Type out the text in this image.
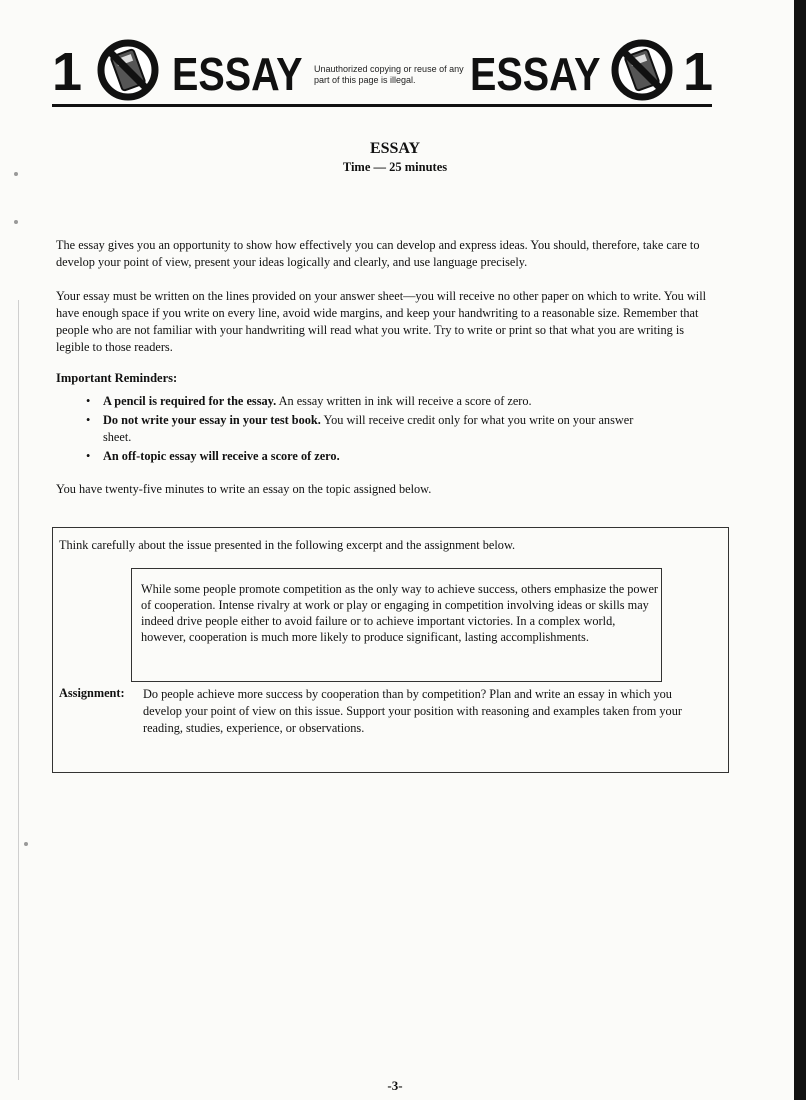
1 ESSAY Unauthorized copying or reuse of any part of this page is illegal.	ESSAY 1
ESSAY
Time — 25 minutes

The essay gives you an opportunity to show how effectively you can develop and express ideas. You should, therefore, take care to develop your point of view, present your ideas logically and clearly, and use language precisely.

Your essay must be written on the lines provided on your answer sheet—you will receive no other paper on which to write. You will have enough space if you write on every line, avoid wide margins, and keep your handwriting to a reasonable size. Remember that people who are not familiar with your handwriting will read what you write. Try to write or print so that what you are writing is legible to those readers.

Important Reminders:
• A pencil is required for the essay. An essay written in ink will receive a score of zero.
• Do not write your essay in your test book. You will receive credit only for what you write on your answer sheet.
• An off-topic essay will receive a score of zero.

You have twenty-five minutes to write an essay on the topic assigned below.

Think carefully about the issue presented in the following excerpt and the assignment below.
While some people promote competition as the only way to achieve success, others emphasize the power of cooperation. Intense rivalry at work or play or engaging in competition involving ideas or skills may indeed drive people either to avoid failure or to achieve important victories. In a complex world, however, cooperation is much more likely to produce significant, lasting accomplishments.
Assignment: Do people achieve more success by cooperation than by competition? Plan and write an essay in which you develop your point of view on this issue. Support your position with reasoning and examples taken from your reading, studies, experience, or observations.
-3-
